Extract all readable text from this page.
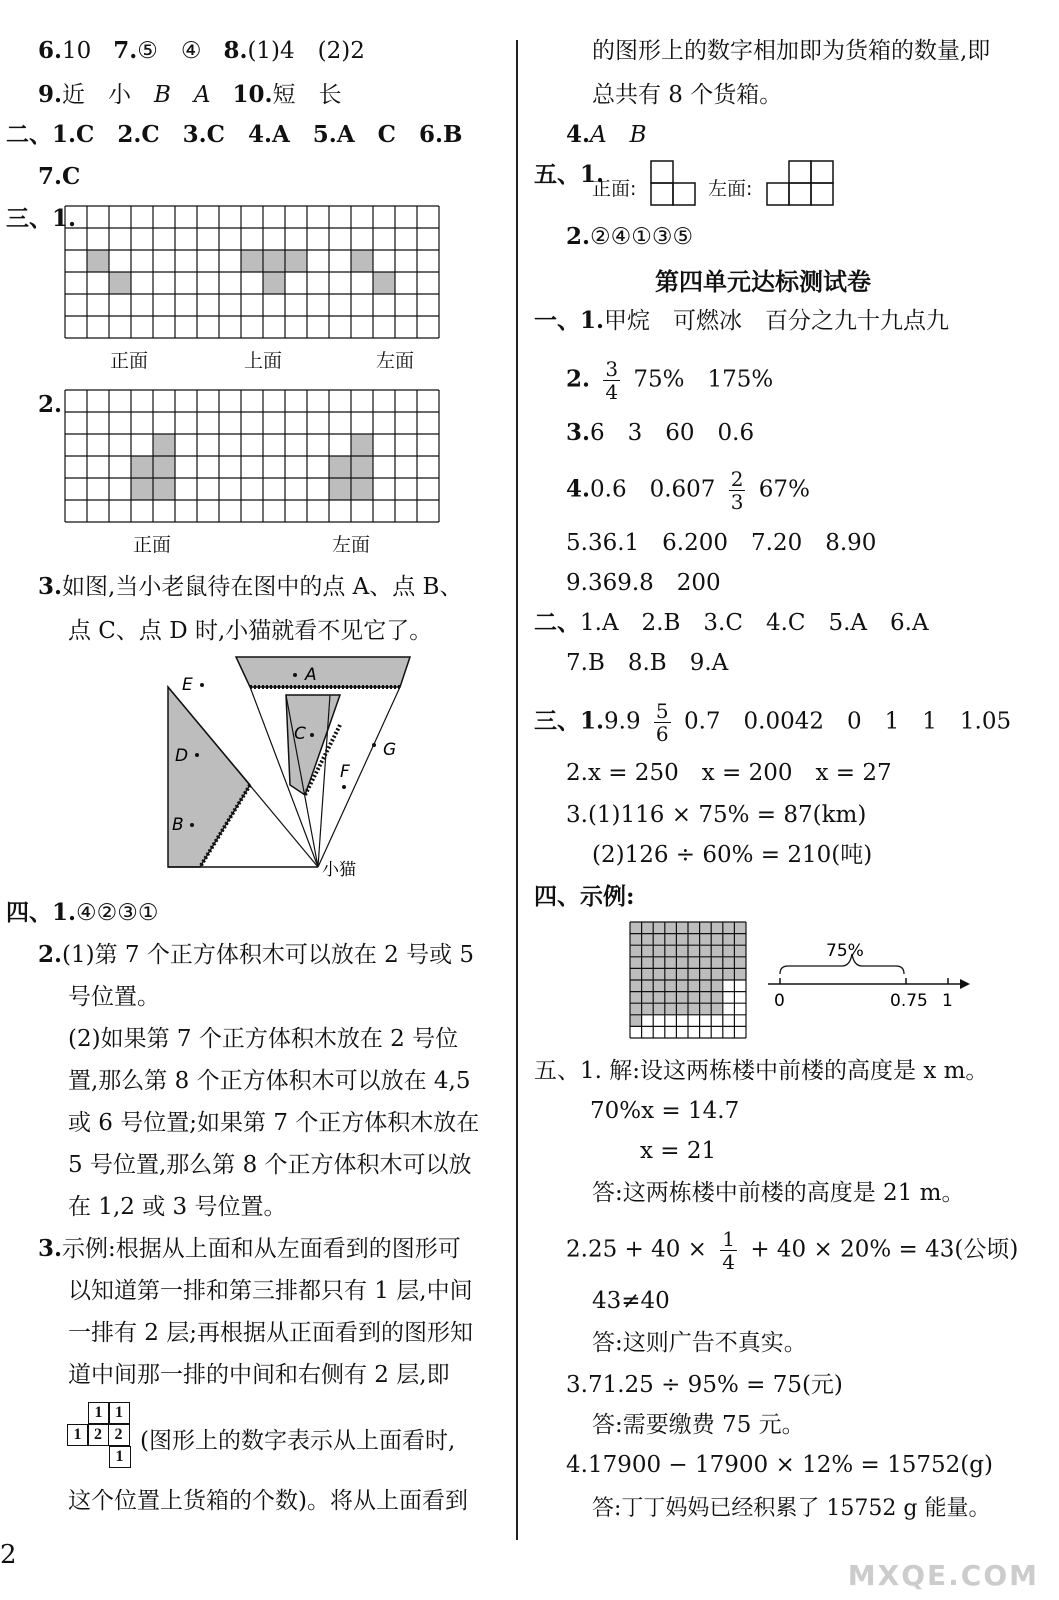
6.10 7.⑤　④ 8.(1)4　(2)2
9.近　小　B　A 10.短　长
二、1.C　2.C　3.C　4.A　5.A　C　6.B
7.C
三、1.
正面	上面	左面
2.
正面	左面
3.如图,当小老鼠待在图中的点 A、点 B、
点 C、点 D 时,小猫就看不见它了。
E	A
C
D
F
G
B
小猫
四、1.④②③①
2.(1)第 7 个正方体积木可以放在 2 号或 5
号位置。
(2)如果第 7 个正方体积木放在 2 号位
置,那么第 8 个正方体积木可以放在 4,5
或 6 号位置;如果第 7 个正方体积木放在
5 号位置,那么第 8 个正方体积木可以放
在 1,2 或 3 号位置。
3.示例:根据从上面和从左面看到的图形可
以知道第一排和第三排都只有 1 层,中间
一排有 2 层;再根据从正面看到的图形知
道中间那一排的中间和右侧有 2 层,即
1 1
1 2 2
1
(图形上的数字表示从上面看时,
这个位置上货箱的个数)。将从上面看到
2
的图形上的数字相加即为货箱的数量,即
总共有 8 个货箱。
4.A　B
五、1.
正面:	左面:
2.②④①③⑤
第四单元达标测试卷
一、1.甲烷　可燃冰　百分之九十九点九
2. $\frac{3}{4} 75\%$　175%
3.6　3　60　0.6
4.0.6　$0.607 \frac{2}{3} 67\%$
5.36.1　6.200　7.20　8.90
9.369.8　200
二、1.A　2.B　3.C　4.C　5.A　6.A
7.B　8.B　9.A
三、$1.9.9 \frac{5}{6} 0.7$　0.0042　0　1　1　1.05
2.x = 250　x = 200　x = 27
3.(1)116 × 75% = 87(km)
(2)126 ÷ 60% = 210(吨)
四、示例:
75%
0	0.75 1
五、1. 解:设这两栋楼中前楼的高度是 x m。
70%x = 14.7
x = 21
答:这两栋楼中前楼的高度是 21 m。
$2.25 + 40 \times \frac{1}{4} + 40 \times 20\% = 43$(公顷)
43≠40
答:这则广告不真实。
3.71.25 ÷ 95% = 75(元)
答:需要缴费 75 元。
4.17900 − 17900 × 12% = 15752(g)
答:丁丁妈妈已经积累了 15752 g 能量。
MXQE.COM
